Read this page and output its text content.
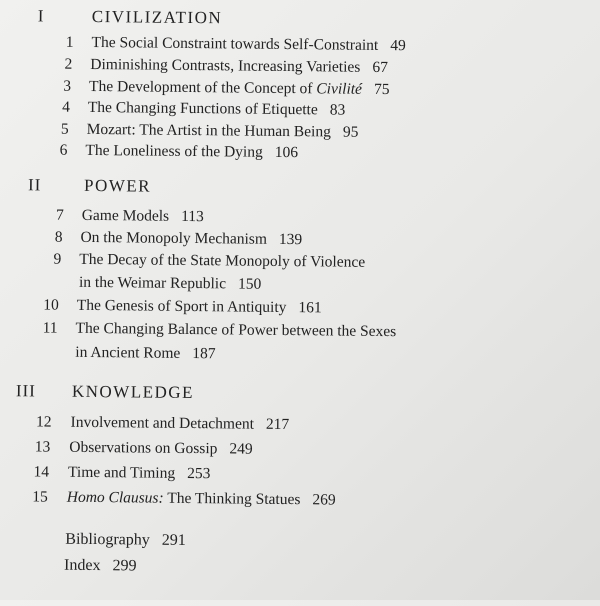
I	CIVILIZATION
1 The Social Constraint towards Self-Constraint 49
2 Diminishing Contrasts, Increasing Varieties 67
3 The Development of the Concept of Civilité 75
4 The Changing Functions of Etiquette 83
5 Mozart: The Artist in the Human Being 95
6 The Loneliness of the Dying 106
II POWER
7 Game Models 113
8 On the Monopoly Mechanism 139
9 The Decay of the State Monopoly of Violence
in the Weimar Republic 150
10 The Genesis of Sport in Antiquity 161
11 The Changing Balance of Power between the Sexes
in Ancient Rome 187
III KNOWLEDGE
12 Involvement and Detachment 217
13 Observations on Gossip 249
14 Time and Timing 253
15 Homo Clausus: The Thinking Statues 269
Bibliography 291
Index 299
